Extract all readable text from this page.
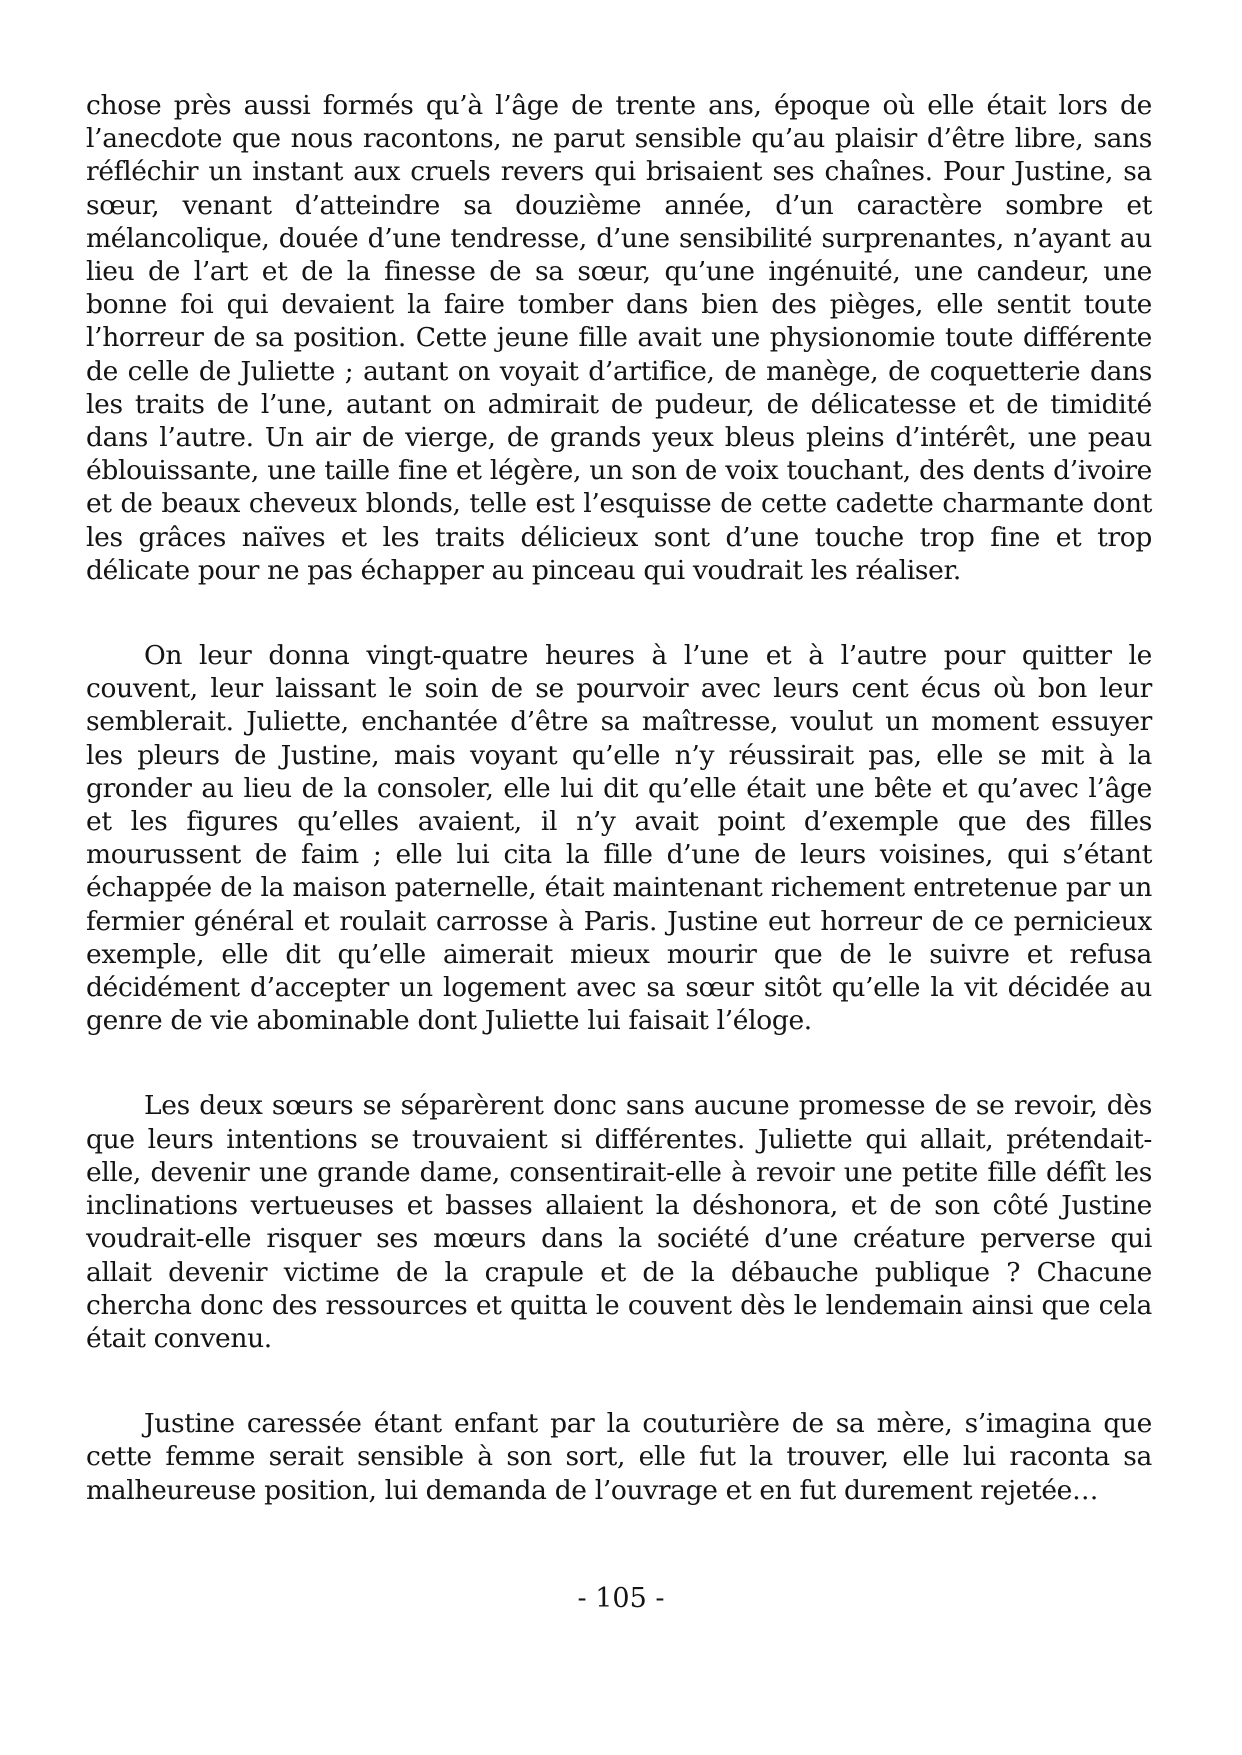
chose près aussi formés qu’à l’âge de trente ans, époque où elle était lors de l’anecdote que nous racontons, ne parut sensible qu’au plaisir d’être libre, sans réfléchir un instant aux cruels revers qui brisaient ses chaînes. Pour Justine, sa sœur, venant d’atteindre sa douzième année, d’un caractère sombre et mélancolique, douée d’une tendresse, d’une sensibilité surprenantes, n’ayant au lieu de l’art et de la finesse de sa sœur, qu’une ingénuité, une candeur, une bonne foi qui devaient la faire tomber dans bien des pièges, elle sentit toute l’horreur de sa position. Cette jeune fille avait une physionomie toute différente de celle de Juliette ; autant on voyait d’artifice, de manège, de coquetterie dans les traits de l’une, autant on admirait de pudeur, de délicatesse et de timidité dans l’autre. Un air de vierge, de grands yeux bleus pleins d’intérêt, une peau éblouissante, une taille fine et légère, un son de voix touchant, des dents d’ivoire et de beaux cheveux blonds, telle est l’esquisse de cette cadette charmante dont les grâces naïves et les traits délicieux sont d’une touche trop fine et trop délicate pour ne pas échapper au pinceau qui voudrait les réaliser.

On leur donna vingt-quatre heures à l’une et à l’autre pour quitter le couvent, leur laissant le soin de se pourvoir avec leurs cent écus où bon leur semblerait. Juliette, enchantée d’être sa maîtresse, voulut un moment essuyer les pleurs de Justine, mais voyant qu’elle n’y réussirait pas, elle se mit à la gronder au lieu de la consoler, elle lui dit qu’elle était une bête et qu’avec l’âge et les figures qu’elles avaient, il n’y avait point d’exemple que des filles mourussent de faim ; elle lui cita la fille d’une de leurs voisines, qui s’étant échappée de la maison paternelle, était maintenant richement entretenue par un fermier général et roulait carrosse à Paris. Justine eut horreur de ce pernicieux exemple, elle dit qu’elle aimerait mieux mourir que de le suivre et refusa décidément d’accepter un logement avec sa sœur sitôt qu’elle la vit décidée au genre de vie abominable dont Juliette lui faisait l’éloge.

Les deux sœurs se séparèrent donc sans aucune promesse de se revoir, dès que leurs intentions se trouvaient si différentes. Juliette qui allait, prétendait-elle, devenir une grande dame, consentirait-elle à revoir une petite fille défît les inclinations vertueuses et basses allaient la déshonora, et de son côté Justine voudrait-elle risquer ses mœurs dans la société d’une créature perverse qui allait devenir victime de la crapule et de la débauche publique ? Chacune chercha donc des ressources et quitta le couvent dès le lendemain ainsi que cela était convenu.

Justine caressée étant enfant par la couturière de sa mère, s’imagina que cette femme serait sensible à son sort, elle fut la trouver, elle lui raconta sa malheureuse position, lui demanda de l’ouvrage et en fut durement rejetée…

- 105 -
